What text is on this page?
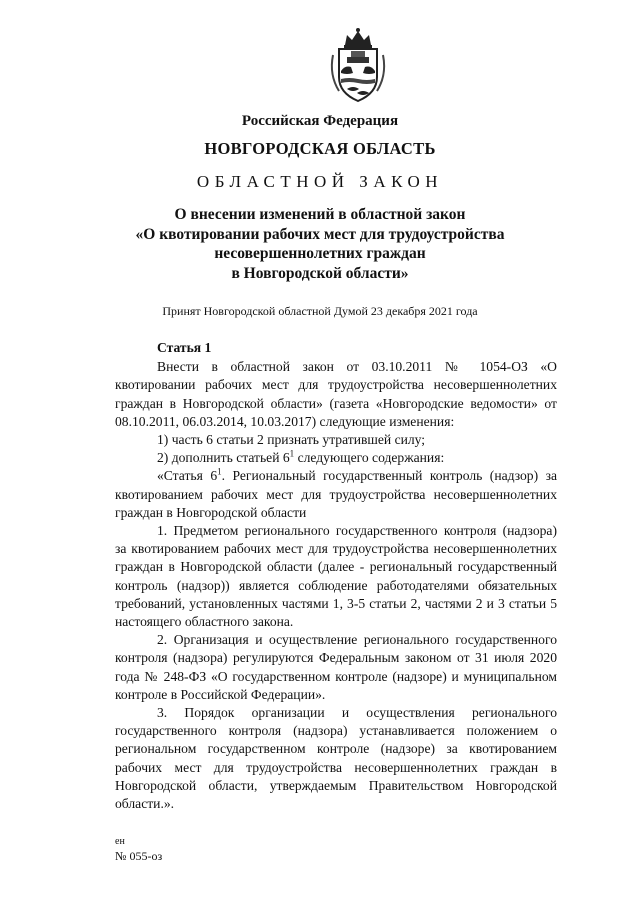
Российская Федерация
НОВГОРОДСКАЯ ОБЛАСТЬ
ОБЛАСТНОЙ ЗАКОН
О внесении изменений в областной закон
«О квотировании рабочих мест для трудоустройства
несовершеннолетних граждан
в Новгородской области»
Принят Новгородской областной Думой 23 декабря 2021 года

Статья 1

Внести в областной закон от 03.10.2011 № 1054-ОЗ «О квотировании рабочих мест для трудоустройства несовершеннолетних граждан в Новгородской области» (газета «Новгородские ведомости» от 08.10.2011, 06.03.2014, 10.03.2017) следующие изменения:

1) часть 6 статьи 2 признать утратившей силу;

2) дополнить статьей $6^1$ следующего содержания:

«Статья $6^1$. Региональный государственный контроль (надзор) за квотированием рабочих мест для трудоустройства несовершеннолетних граждан в Новгородской области

1. Предметом регионального государственного контроля (надзора) за квотированием рабочих мест для трудоустройства несовершеннолетних граждан в Новгородской области (далее - региональный государственный контроль (надзор)) является соблюдение работодателями обязательных требований, установленных частями 1, 3-5 статьи 2, частями 2 и 3 статьи 5 настоящего областного закона.

2. Организация и осуществление регионального государственного контроля (надзора) регулируются Федеральным законом от 31 июля 2020 года № 248-ФЗ «О государственном контроле (надзоре) и муниципальном контроле в Российской Федерации».

3. Порядок организации и осуществления регионального государственного контроля (надзора) устанавливается положением о региональном государственном контроле (надзоре) за квотированием рабочих мест для трудоустройства несовершеннолетних граждан в Новгородской области, утверждаемым Правительством Новгородской области.».

ен
№ 055-оз
